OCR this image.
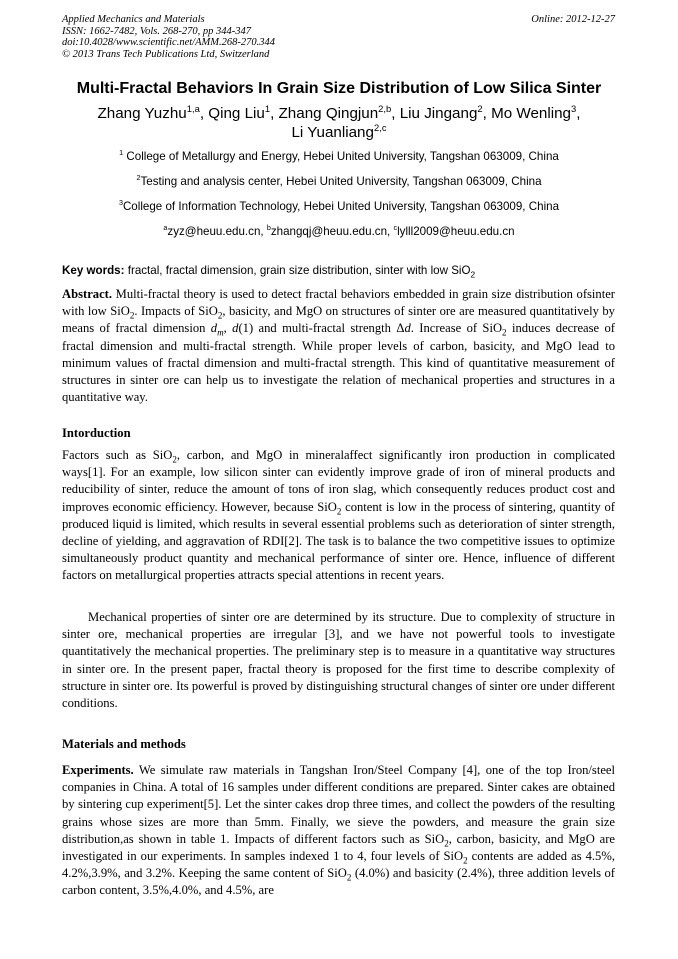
Applied Mechanics and Materials
ISSN: 1662-7482, Vols. 268-270, pp 344-347
doi:10.4028/www.scientific.net/AMM.268-270.344
© 2013 Trans Tech Publications Ltd, Switzerland
Online: 2012-12-27
Multi-Fractal Behaviors In Grain Size Distribution of Low Silica Sinter
Zhang Yuzhu$^{1,a}$, Qing Liu$^1$, Zhang Qingjun$^{2,b}$, Liu Jingang$^2$, Mo Wenling$^3$,
Li Yuanliang$^{2,c}$
$^1$ College of Metallurgy and Energy, Hebei United University, Tangshan 063009, China
$^2$Testing and analysis center, Hebei United University, Tangshan 063009, China
$^3$College of Information Technology, Hebei United University, Tangshan 063009, China
$^a$zyz@heuu.edu.cn, $^b$zhangqj@heuu.edu.cn, $^c$lylll2009@heuu.edu.cn
Key words: fractal, fractal dimension, grain size distribution, sinter with low SiO$_2$
Abstract. Multi-fractal theory is used to detect fractal behaviors embedded in grain size distribution ofsinter with low SiO$_2$. Impacts of SiO$_2$, basicity, and MgO on structures of sinter ore are measured quantitatively by means of fractal dimension $d_m$, d(1) and multi-fractal strength Δd. Increase of SiO$_2$ induces decrease of fractal dimension and multi-fractal strength. While proper levels of carbon, basicity, and MgO lead to minimum values of fractal dimension and multi-fractal strength. This kind of quantitative measurement of structures in sinter ore can help us to investigate the relation of mechanical properties and structures in a quantitative way.
Intorduction
Factors such as SiO$_2$, carbon, and MgO in mineralaffect significantly iron production in complicated ways[1]. For an example, low silicon sinter can evidently improve grade of iron of mineral products and reducibility of sinter, reduce the amount of tons of iron slag, which consequently reduces product cost and improves economic efficiency. However, because SiO$_2$ content is low in the process of sintering, quantity of produced liquid is limited, which results in several essential problems such as deterioration of sinter strength, decline of yielding, and aggravation of RDI[2]. The task is to balance the two competitive issues to optimize simultaneously product quantity and mechanical performance of sinter ore. Hence, influence of different factors on metallurgical properties attracts special attentions in recent years.
Mechanical properties of sinter ore are determined by its structure. Due to complexity of structure in sinter ore, mechanical properties are irregular [3], and we have not powerful tools to investigate quantitatively the mechanical properties. The preliminary step is to measure in a quantitative way structures in sinter ore. In the present paper, fractal theory is proposed for the first time to describe complexity of structure in sinter ore. Its powerful is proved by distinguishing structural changes of sinter ore under different conditions.
Materials and methods
Experiments. We simulate raw materials in Tangshan Iron/Steel Company [4], one of the top Iron/steel companies in China. A total of 16 samples under different conditions are prepared. Sinter cakes are obtained by sintering cup experiment[5]. Let the sinter cakes drop three times, and collect the powders of the resulting grains whose sizes are more than 5mm. Finally, we sieve the powders, and measure the grain size distribution,as shown in table 1. Impacts of different factors such as SiO$_2$, carbon, basicity, and MgO are investigated in our experiments. In samples indexed 1 to 4, four levels of SiO$_2$ contents are added as 4.5%, 4.2%,3.9%, and 3.2%. Keeping the same content of SiO$_2$ (4.0%) and basicity (2.4%), three addition levels of carbon content, 3.5%,4.0%, and 4.5%, are
